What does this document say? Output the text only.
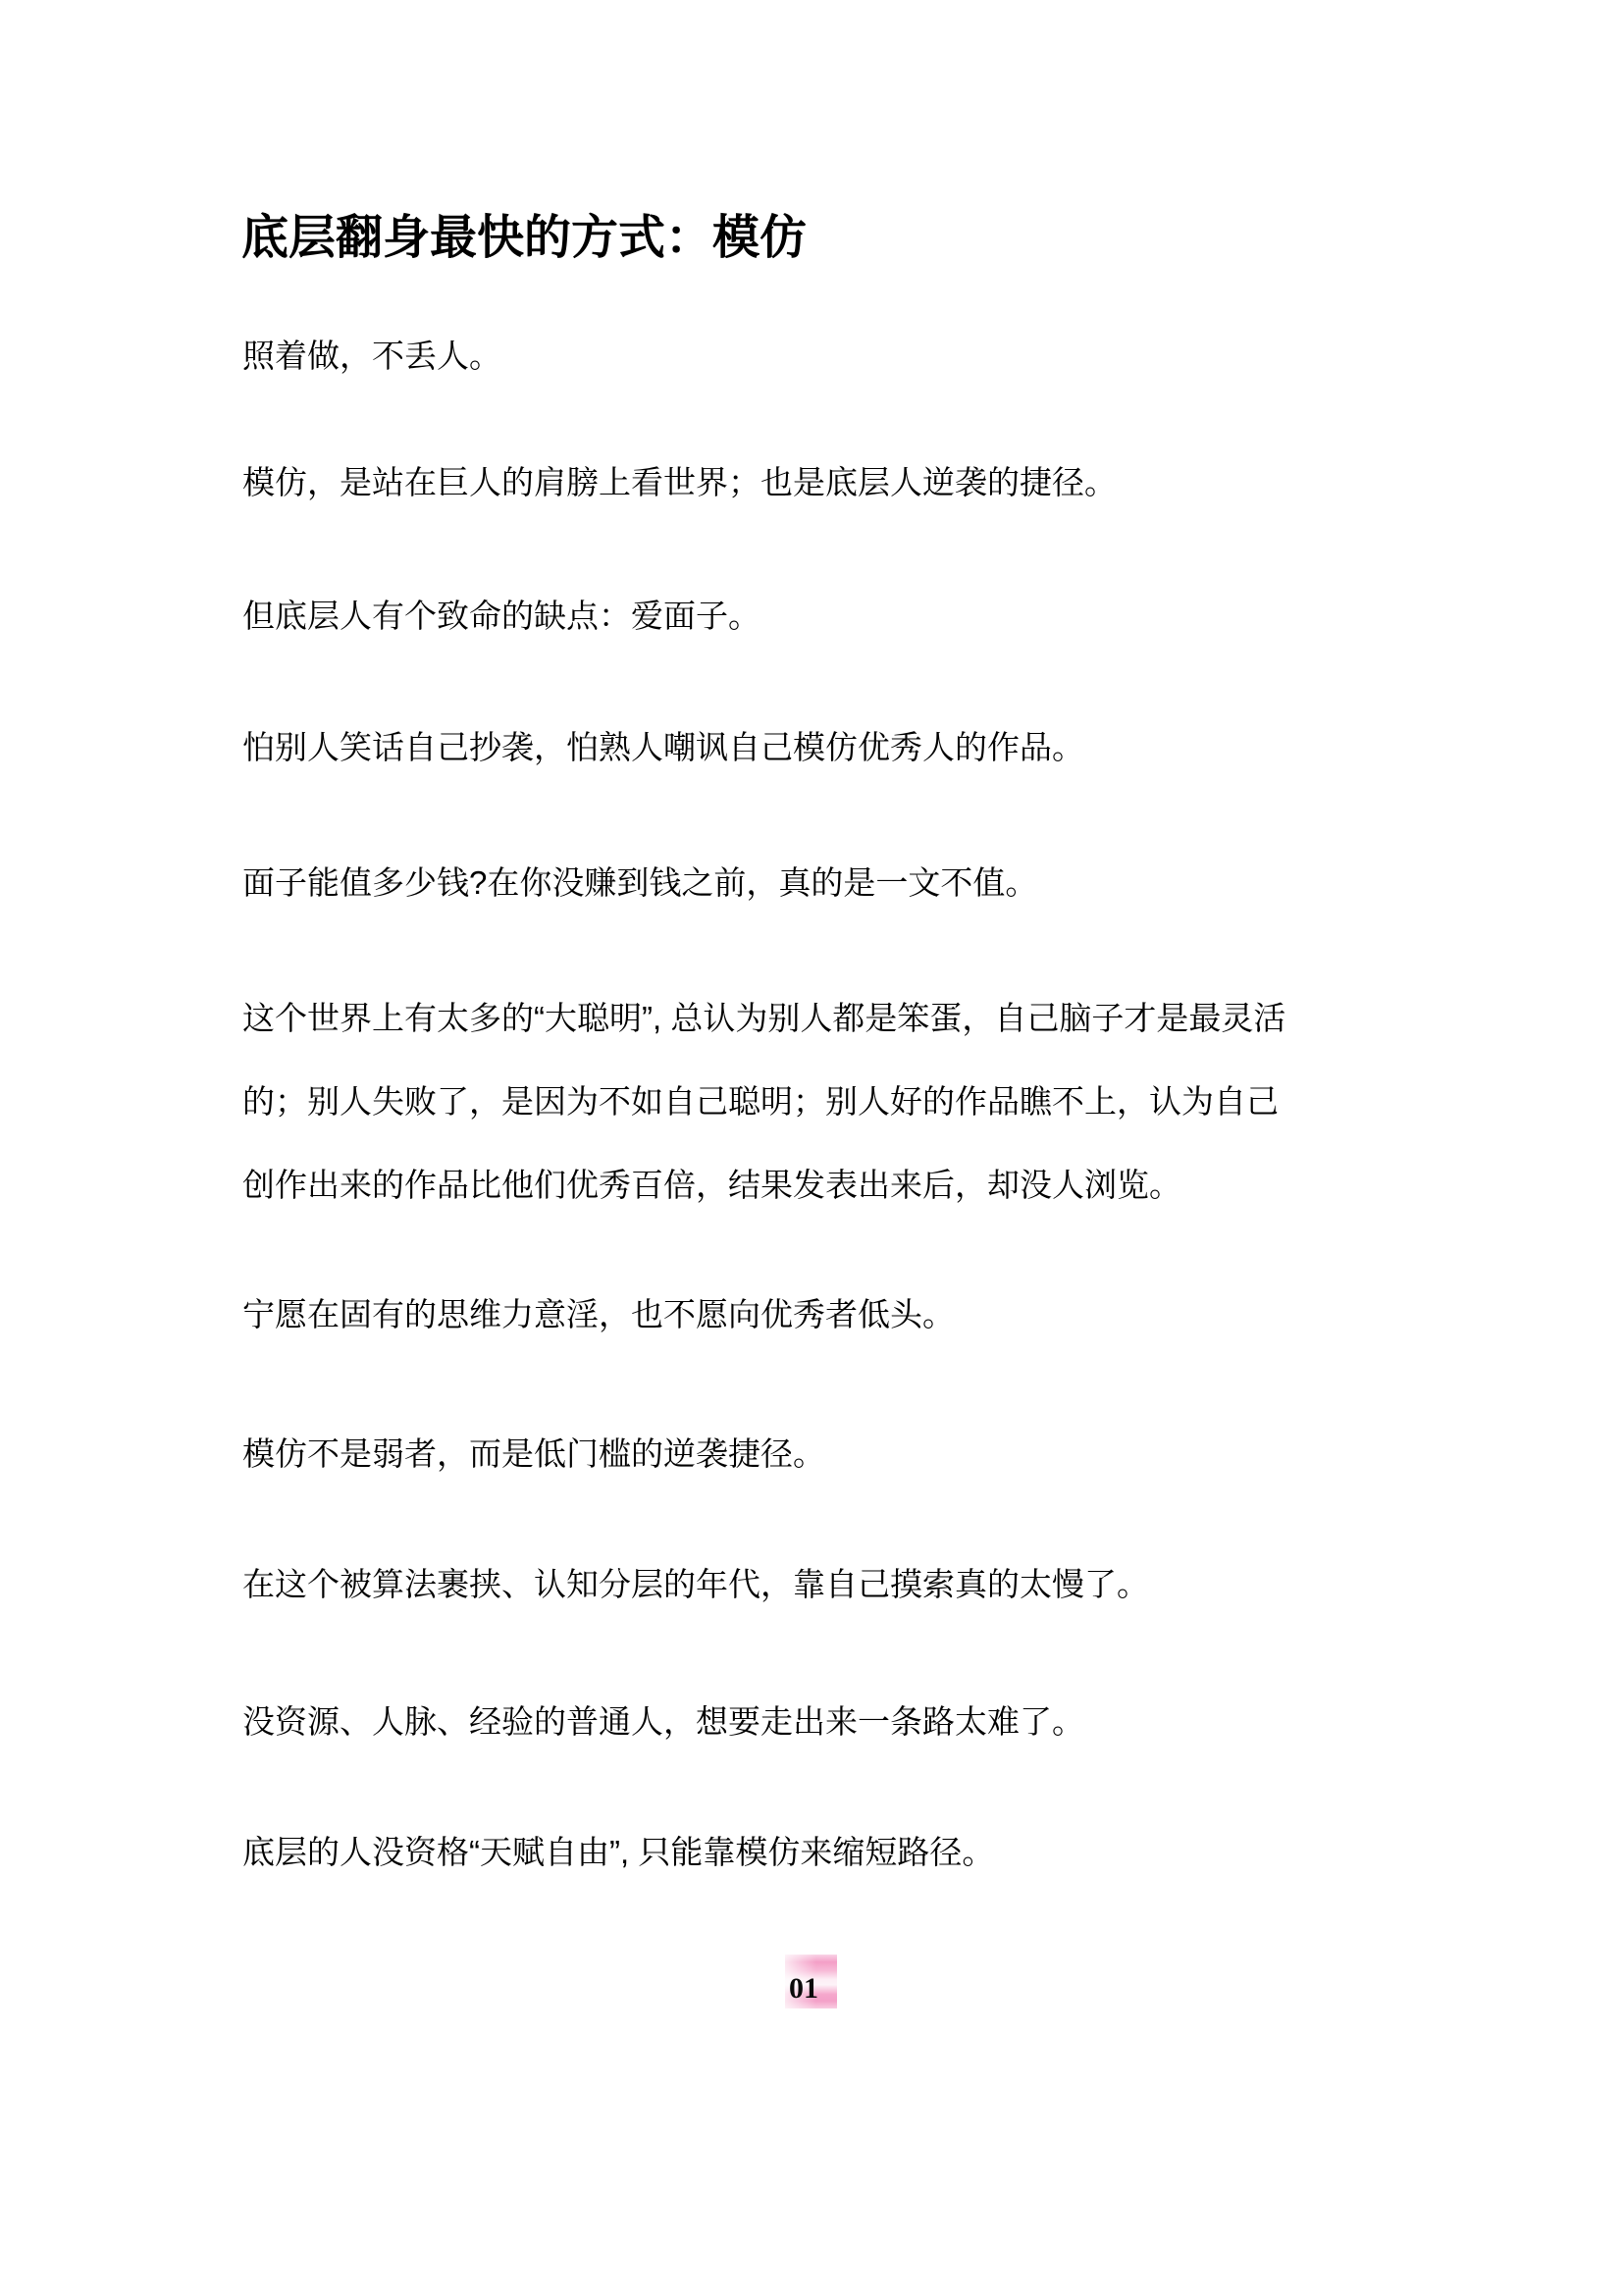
底层翻身最快的方式：模仿
照着做，不丢人。
模仿，是站在巨人的肩膀上看世界；也是底层人逆袭的捷径。
但底层人有个致命的缺点：爱面子。
怕别人笑话自己抄袭，怕熟人嘲讽自己模仿优秀人的作品。
面子能值多少钱?在你没赚到钱之前，真的是一文不值。
这个世界上有太多的“大聪明”, 总认为别人都是笨蛋，自己脑子才是最灵活
的；别人失败了，是因为不如自己聪明；别人好的作品瞧不上，认为自己
创作出来的作品比他们优秀百倍，结果发表出来后，却没人浏览。
宁愿在固有的思维力意淫，也不愿向优秀者低头。
模仿不是弱者，而是低门槛的逆袭捷径。
在这个被算法裹挟、认知分层的年代，靠自己摸索真的太慢了。
没资源、人脉、经验的普通人，想要走出来一条路太难了。
底层的人没资格“天赋自由”, 只能靠模仿来缩短路径。
01
